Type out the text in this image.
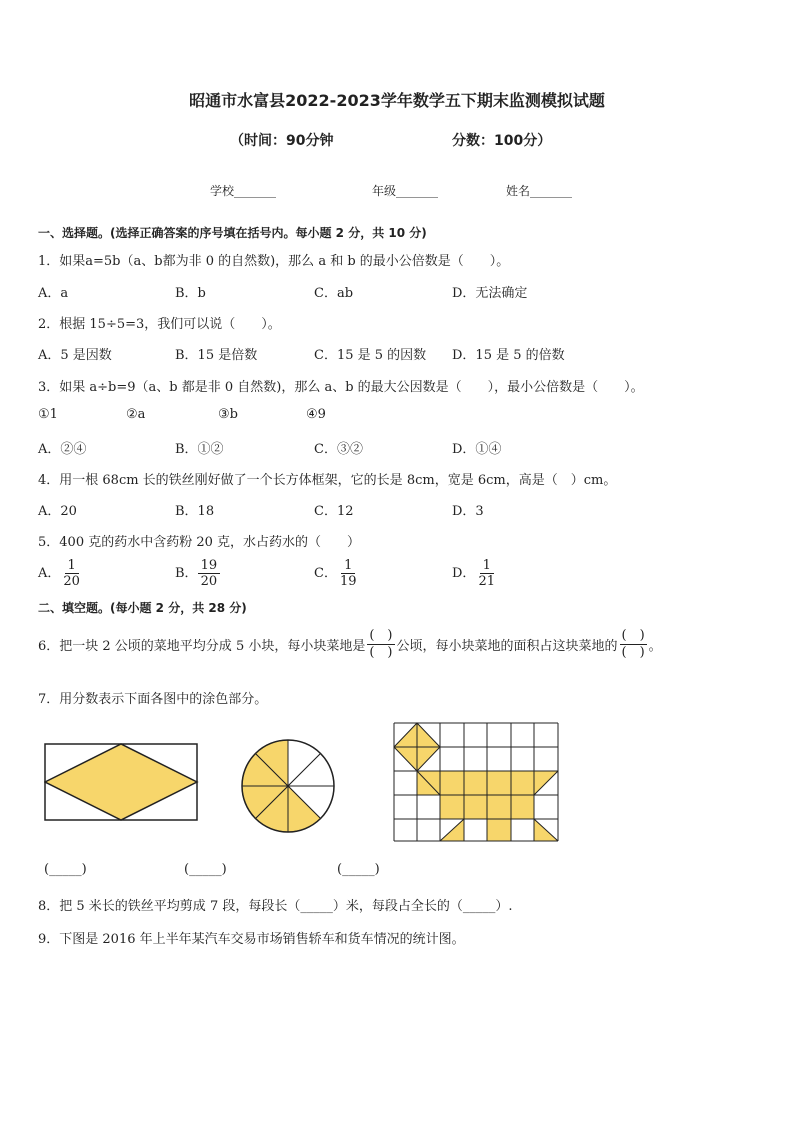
昭通市水富县2022-2023学年数学五下期末监测模拟试题
（时间：90分钟	分数：100分）
学校_______	年级_______	姓名_______
一、选择题。(选择正确答案的序号填在括号内。每小题 2 分，共 10 分)
1．如果a=5b（a、b都为非 0 的自然数)，那么 a 和 b 的最小公倍数是（　　）。
A．a	B．b	C．ab	D．无法确定
2．根据 15÷5=3，我们可以说（　　）。
A．5 是因数	B．15 是倍数	C．15 是 5 的因数 D．15 是 5 的倍数
3．如果 a÷b=9（a、b 都是非 0 自然数)，那么 a、b 的最大公因数是（　　），最小公倍数是（　　）。
①1	②a	③b	④9
A．②④	B．①②	C．③②	D．①④
4．用一根 68cm 长的铁丝刚好做了一个长方体框架，它的长是 8cm，宽是 6cm，高是（　）cm。
A．20	B．18	C．12	D．3
5．400 克的药水中含药粉 20 克，水占药水的（　　）
A． $\frac{1}{20}$	B． $\frac{19}{20}$	C． $\frac{1}{19}$	D． $\frac{1}{21}$
二、填空题。(每小题 2 分，共 28 分)
6．把一块 2 公顷的菜地平均分成 5 小块，每小块菜地是 $\frac{( )}{( )}$ 公顷，每小块菜地的面积占这块菜地的 $\frac{( )}{( )}$ 。
7．用分数表示下面各图中的涂色部分。
(_____)	(_____)	(_____)
8．把 5 米长的铁丝平均剪成 7 段，每段长（_____）米，每段占全长的（_____）.
9．下图是 2016 年上半年某汽车交易市场销售轿车和货车情况的统计图。
